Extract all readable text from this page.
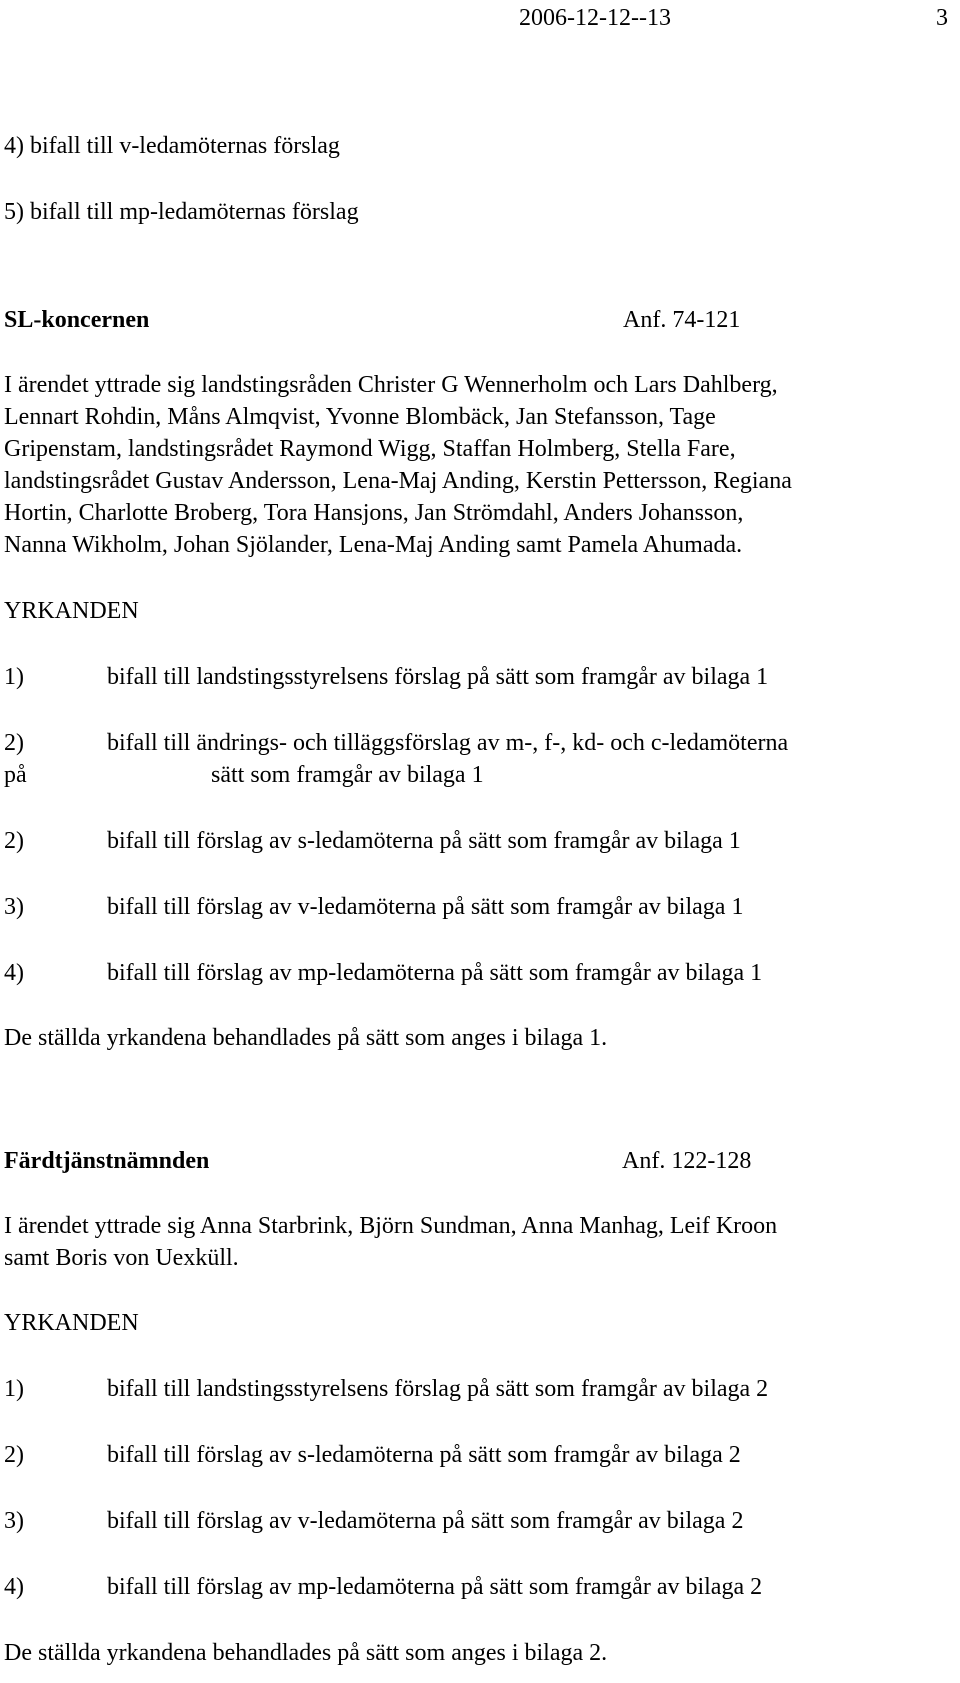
2006-12-12--13	3
4) bifall till v-ledamöternas förslag
5) bifall till mp-ledamöternas förslag
SL-koncernen	Anf. 74-121
I ärendet yttrade sig landstingsråden Christer G Wennerholm och Lars Dahlberg,
Lennart Rohdin, Måns Almqvist, Yvonne Blombäck, Jan Stefansson, Tage
Gripenstam, landstingsrådet Raymond Wigg, Staffan Holmberg, Stella Fare,
landstingsrådet Gustav Andersson, Lena-Maj Anding, Kerstin Pettersson, Regiana
Hortin, Charlotte Broberg, Tora Hansjons, Jan Strömdahl, Anders Johansson,
Nanna Wikholm, Johan Sjölander, Lena-Maj Anding samt Pamela Ahumada.
YRKANDEN
1)	bifall till landstingsstyrelsens förslag på sätt som framgår av bilaga 1
2)	bifall till ändrings- och tilläggsförslag av m-, f-, kd- och c-ledamöterna
på	sätt som framgår av bilaga 1
2)	bifall till förslag av s-ledamöterna på sätt som framgår av bilaga 1
3)	bifall till förslag av v-ledamöterna på sätt som framgår av bilaga 1
4)	bifall till förslag av mp-ledamöterna på sätt som framgår av bilaga 1
De ställda yrkandena behandlades på sätt som anges i bilaga 1.
Färdtjänstnämnden	Anf. 122-128
I ärendet yttrade sig Anna Starbrink, Björn Sundman, Anna Manhag, Leif Kroon
samt Boris von Uexküll.
YRKANDEN
1)	bifall till landstingsstyrelsens förslag på sätt som framgår av bilaga 2
2)	bifall till förslag av s-ledamöterna på sätt som framgår av bilaga 2
3)	bifall till förslag av v-ledamöterna på sätt som framgår av bilaga 2
4)	bifall till förslag av mp-ledamöterna på sätt som framgår av bilaga 2
De ställda yrkandena behandlades på sätt som anges i bilaga 2.
